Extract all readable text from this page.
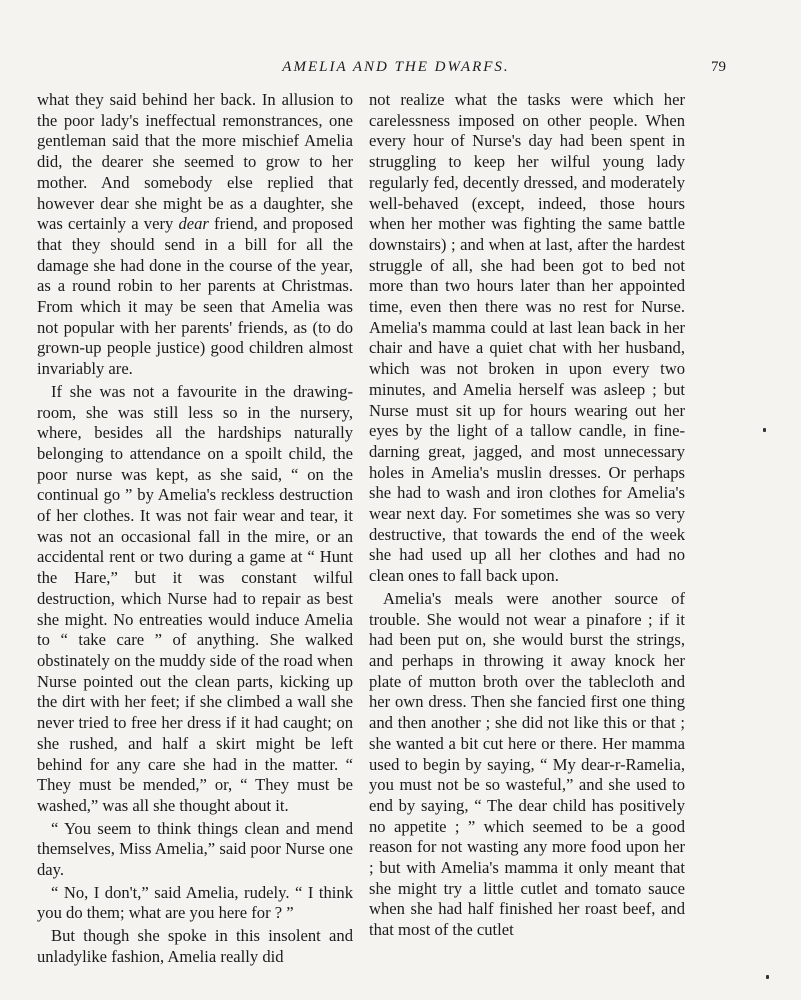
AMELIA AND THE DWARFS.	79

what they said behind her back. In allusion to the poor lady's ineffectual remonstrances, one gentleman said that the more mischief Amelia did, the dearer she seemed to grow to her mother. And somebody else replied that however dear she might be as a daughter, she was certainly a very dear friend, and proposed that they should send in a bill for all the damage she had done in the course of the year, as a round robin to her parents at Christmas. From which it may be seen that Amelia was not popular with her parents' friends, as (to do grown-up people justice) good children almost invariably are.

If she was not a favourite in the drawing-room, she was still less so in the nursery, where, besides all the hardships naturally belonging to attendance on a spoilt child, the poor nurse was kept, as she said, “ on the continual go ” by Amelia's reckless destruction of her clothes. It was not fair wear and tear, it was not an occasional fall in the mire, or an accidental rent or two during a game at “ Hunt the Hare,” but it was constant wilful destruction, which Nurse had to repair as best she might. No entreaties would induce Amelia to “ take care ” of anything. She walked obstinately on the muddy side of the road when Nurse pointed out the clean parts, kicking up the dirt with her feet; if she climbed a wall she never tried to free her dress if it had caught; on she rushed, and half a skirt might be left behind for any care she had in the matter. “ They must be mended,” or, “ They must be washed,” was all she thought about it.

“ You seem to think things clean and mend themselves, Miss Amelia,” said poor Nurse one day.

“ No, I don't,” said Amelia, rudely. “ I think you do them; what are you here for ? ”

But though she spoke in this insolent and unladylike fashion, Amelia really did

not realize what the tasks were which her carelessness imposed on other people. When every hour of Nurse's day had been spent in struggling to keep her wilful young lady regularly fed, decently dressed, and moderately well-behaved (except, indeed, those hours when her mother was fighting the same battle downstairs) ; and when at last, after the hardest struggle of all, she had been got to bed not more than two hours later than her appointed time, even then there was no rest for Nurse. Amelia's mamma could at last lean back in her chair and have a quiet chat with her husband, which was not broken in upon every two minutes, and Amelia herself was asleep ; but Nurse must sit up for hours wearing out her eyes by the light of a tallow candle, in fine-darning great, jagged, and most unnecessary holes in Amelia's muslin dresses. Or perhaps she had to wash and iron clothes for Amelia's wear next day. For sometimes she was so very destructive, that towards the end of the week she had used up all her clothes and had no clean ones to fall back upon.

Amelia's meals were another source of trouble. She would not wear a pinafore ; if it had been put on, she would burst the strings, and perhaps in throwing it away knock her plate of mutton broth over the tablecloth and her own dress. Then she fancied first one thing and then another ; she did not like this or that ; she wanted a bit cut here or there. Her mamma used to begin by saying, “ My dear-r-Ramelia, you must not be so wasteful,” and she used to end by saying, “ The dear child has positively no appetite ; ” which seemed to be a good reason for not wasting any more food upon her ; but with Amelia's mamma it only meant that she might try a little cutlet and tomato sauce when she had half finished her roast beef, and that most of the cutlet
